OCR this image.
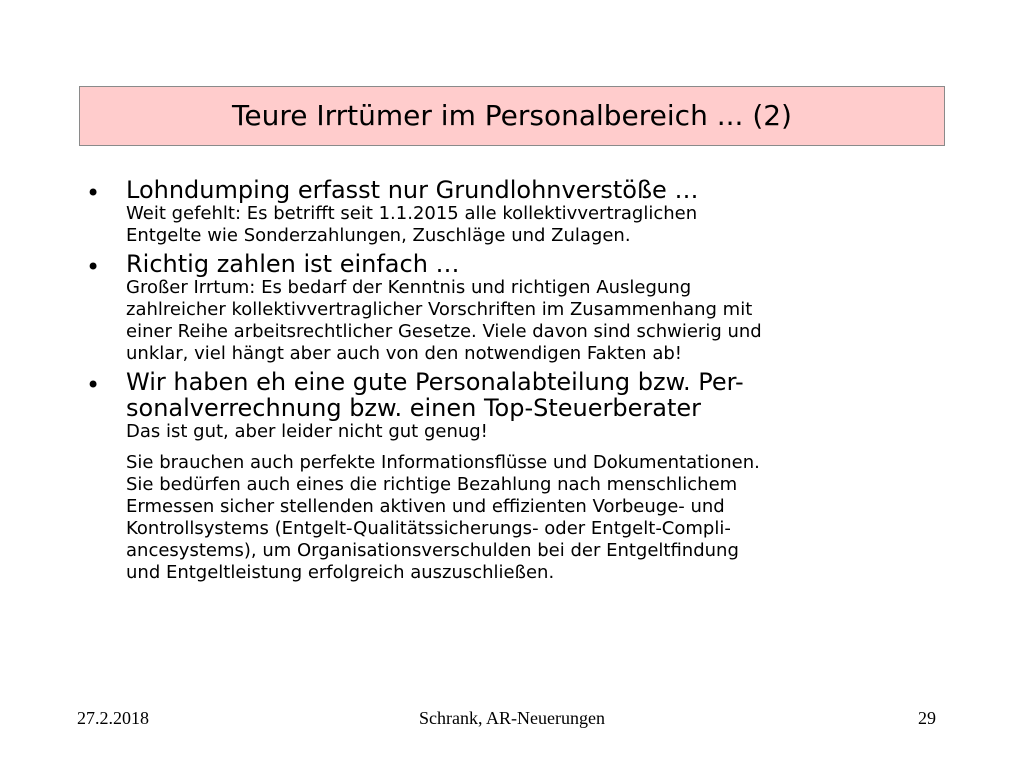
Teure Irrtümer im Personalbereich ... (2)
• Lohndumping erfasst nur Grundlohnverstöße …

Weit gefehlt: Es betrifft seit 1.1.2015 alle kollektivvertraglichen
Entgelte wie Sonderzahlungen, Zuschläge und Zulagen.

• Richtig zahlen ist einfach …

Großer Irrtum: Es bedarf der Kenntnis und richtigen Auslegung
zahlreicher kollektivvertraglicher Vorschriften im Zusammenhang mit
einer Reihe arbeitsrechtlicher Gesetze. Viele davon sind schwierig und
unklar, viel hängt aber auch von den notwendigen Fakten ab!

• Wir haben eh eine gute Personalabteilung bzw. Per-
sonalverrechnung bzw. einen Top-Steuerberater

Das ist gut, aber leider nicht gut genug!

Sie brauchen auch perfekte Informationsflüsse und Dokumentationen.
Sie bedürfen auch eines die richtige Bezahlung nach menschlichem
Ermessen sicher stellenden aktiven und effizienten Vorbeuge- und
Kontrollsystems (Entgelt-Qualitätssicherungs- oder Entgelt-Compli-
ancesystems), um Organisationsverschulden bei der Entgeltfindung
und Entgeltleistung erfolgreich auszuschließen.

27.2.2018	Schrank, AR-Neuerungen	29
